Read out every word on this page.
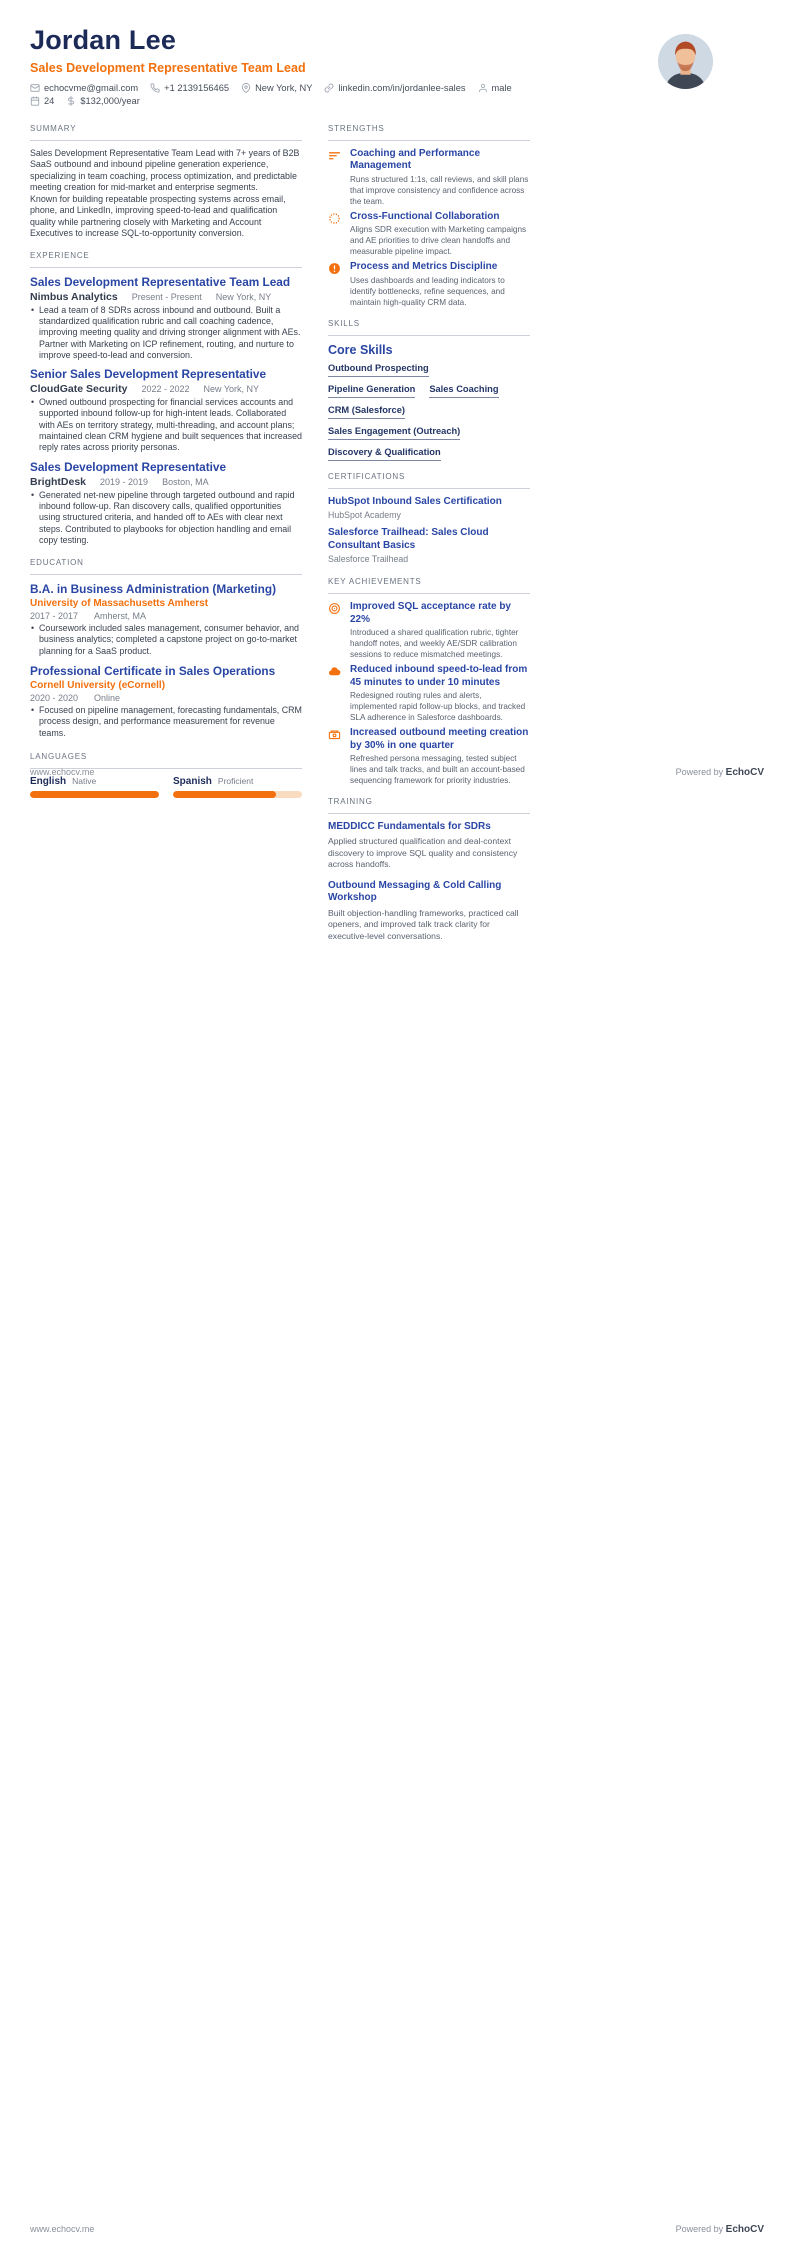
Jordan Lee
Sales Development Representative Team Lead
echocvme@gmail.com	+1 2139156465	New York, NY	linkedin.com/in/jordanlee-sales	male
24	$132,000/year
SUMMARY

Sales Development Representative Team Lead with 7+ years of B2B SaaS outbound and inbound pipeline generation experience, specializing in team coaching, process optimization, and predictable meeting creation for mid-market and enterprise segments.

Known for building repeatable prospecting systems across email, phone, and LinkedIn, improving speed-to-lead and qualification quality while partnering closely with Marketing and Account Executives to increase SQL-to-opportunity conversion.

EXPERIENCE
Sales Development Representative Team Lead
Nimbus Analytics Present - Present New York, NY
• Lead a team of 8 SDRs across inbound and outbound. Built a standardized qualification rubric and call coaching cadence, improving meeting quality and driving stronger alignment with AEs. Partner with Marketing on ICP refinement, routing, and nurture to improve speed-to-lead and conversion.
Senior Sales Development Representative
CloudGate Security 2022 - 2022 New York, NY
• Owned outbound prospecting for financial services accounts and supported inbound follow-up for high-intent leads. Collaborated with AEs on territory strategy, multi-threading, and account plans; maintained clean CRM hygiene and built sequences that increased reply rates across priority personas.
Sales Development Representative
BrightDesk 2019 - 2019 Boston, MA
• Generated net-new pipeline through targeted outbound and rapid inbound follow-up. Ran discovery calls, qualified opportunities using structured criteria, and handed off to AEs with clear next steps. Contributed to playbooks for objection handling and email copy testing.
EDUCATION
B.A. in Business Administration (Marketing)
University of Massachusetts Amherst
2017 - 2017 Amherst, MA
• Coursework included sales management, consumer behavior, and business analytics; completed a capstone project on go-to-market planning for a SaaS product.
Professional Certificate in Sales Operations
Cornell University (eCornell)
2020 - 2020 Online
• Focused on pipeline management, forecasting fundamentals, CRM process design, and performance measurement for revenue teams.
LANGUAGES
English Native	Spanish Proficient
STRENGTHS
Coaching and Performance Management

Runs structured 1:1s, call reviews, and skill plans that improve consistency and confidence across the team.

Cross-Functional Collaboration

Aligns SDR execution with Marketing campaigns and AE priorities to drive clean handoffs and measurable pipeline impact.

Process and Metrics Discipline

Uses dashboards and leading indicators to identify bottlenecks, refine sequences, and maintain high-quality CRM data.

SKILLS
Core Skills
Outbound Prospecting
Pipeline Generation Sales Coaching
CRM (Salesforce)
Sales Engagement (Outreach)
Discovery & Qualification
CERTIFICATIONS
HubSpot Inbound Sales Certification
HubSpot Academy
Salesforce Trailhead: Sales Cloud Consultant Basics
Salesforce Trailhead
KEY ACHIEVEMENTS
Improved SQL acceptance rate by 22%

Introduced a shared qualification rubric, tighter handoff notes, and weekly AE/SDR calibration sessions to reduce mismatched meetings.

Reduced inbound speed-to-lead from 45 minutes to under 10 minutes

Redesigned routing rules and alerts, implemented rapid follow-up blocks, and tracked SLA adherence in Salesforce dashboards.

Increased outbound meeting creation by 30% in one quarter

Refreshed persona messaging, tested subject lines and talk tracks, and built an account-based sequencing framework for priority industries.

TRAINING
MEDDICC Fundamentals for SDRs
www.echocv.me	Powered by EchoCV

Applied structured qualification and deal-context discovery to improve SQL quality and consistency across handoffs.

Outbound Messaging & Cold Calling Workshop

Built objection-handling frameworks, practiced call openers, and improved talk track clarity for executive-level conversations.

www.echocv.me	Powered by EchoCV
